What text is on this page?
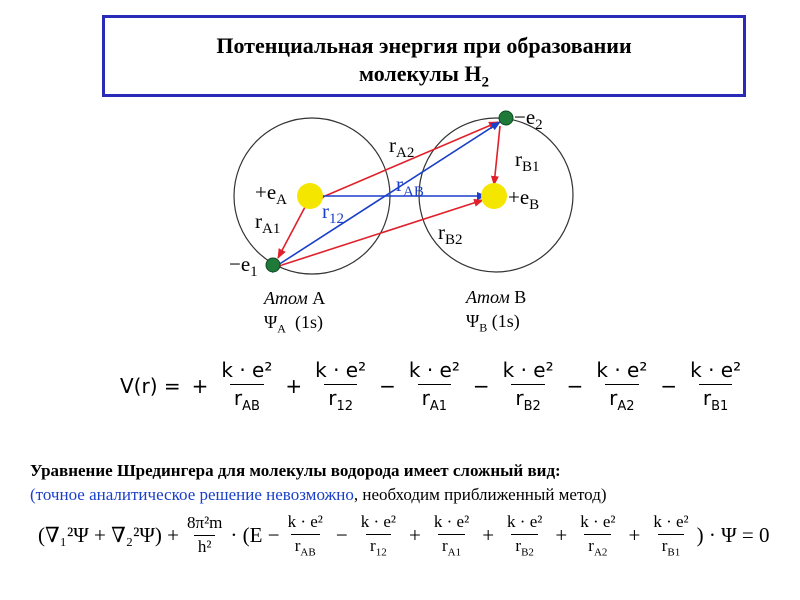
Потенциальная энергия при образовании
молекулы $H_2$
$-e_2$
$r_{A2}$	$r_{B1}$
$+e_A$
$r_{AB}$	$+e_B$
$r_{12}$
$r_{A1}$	$r_{B2}$
$-e_1$
Атом A
$\Psi_A$ (1s)
Атом B
$\Psi_B$ (1s)
V(r) = + $\frac{\text{k · e²}}{r_{AB}} + \frac{\text{k · e²}}{r_{12}} - \frac{\text{k · e²}}{r_{A1}} - \frac{\text{k · e²}}{r_{B2}} - \frac{\text{k · e²}}{r_{A2}} - \frac{\text{k · e²}}{r_{B1}}$
Уравнение Шредингера для молекулы водорода имеет сложный вид:
(точное аналитическое решение невозможно, необходим приближенный метод)
$(\nabla_1^2\Psi + \nabla_2^2\Psi) + \frac{\text{8π²m}}{\text{h²}} \cdot (E - \frac{\text{k · e²}}{r_{AB}} - \frac{\text{k · e²}}{r_{12}} + \frac{\text{k · e²}}{r_{A1}} + \frac{\text{k · e²}}{r_{B2}} + \frac{\text{k · e²}}{r_{A2}} + \frac{\text{k · e²}}{r_{B1}}$ ) · Ψ = 0
